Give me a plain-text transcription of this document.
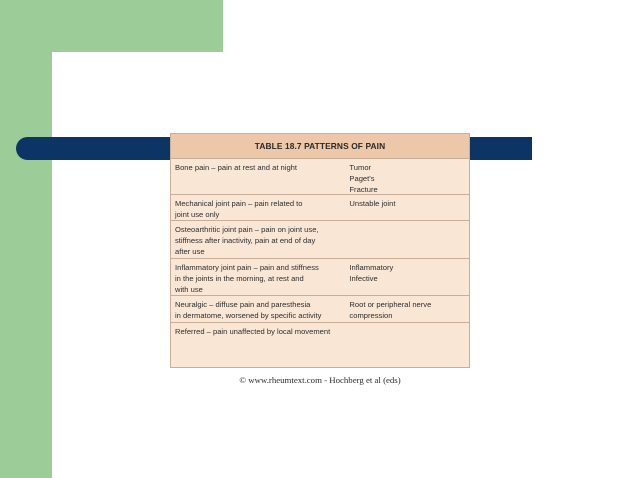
TABLE 18.7 PATTERNS OF PAIN
Bone pain – pain at rest and at night	Tumor
Paget's
Fracture
Mechanical joint pain – pain related to
joint use only
Unstable joint
Osteoarthritic joint pain – pain on joint use,
stiffness after inactivity, pain at end of day
after use
Inflammatory joint pain – pain and stiffness
in the joints in the morning, at rest and
with use
Inflammatory
Infective
Neuralgic – diffuse pain and paresthesia
in dermatome, worsened by specific activity
Root or peripheral nerve
compression
Referred – pain unaffected by local movement
© www.rheumtext.com - Hochberg et al (eds)
